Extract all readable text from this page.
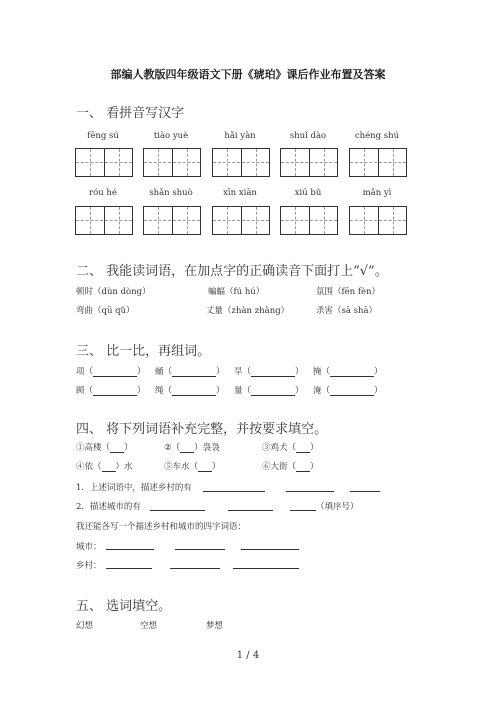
部编人教版四年级语文下册《琥珀》课后作业布置及答案
一、 看拼音写汉字
fēng sú	tiào yuè	hǎi yàn	shuǐ dào	chéng shú
róu hé	shǎn shuò	xīn xiān	xiū bǔ	mǎn yì
二、 我能读词语，在加点字的正确读音下面打上“√”。
顿时（dùn dòng）	蝙蝠（fú hú）	氛围（fēn fèn）
弯曲（qū qǔ）	丈量（zhàn zhàng）	杀害（sā shā）
三、 比一比，再组词。
项（	） 蛹（	） 旱（	） 掩（	）
顾（	） 绳（	） 量（	） 淹（	）
四、 将下列词语补充完整，并按要求填空。
①高楼（ ）	②（ ）袅袅	③鸡犬（ ）
④依（ ）水	⑤车水（ ）	⑥大街（ ）
1．上述词语中，描述乡村的有
2．描述城市的有	（填序号）
我还能各写一个描述乡村和城市的四字词语：
城市：
乡村：
五、 选词填空。
幻想	空想	梦想
1 / 4
